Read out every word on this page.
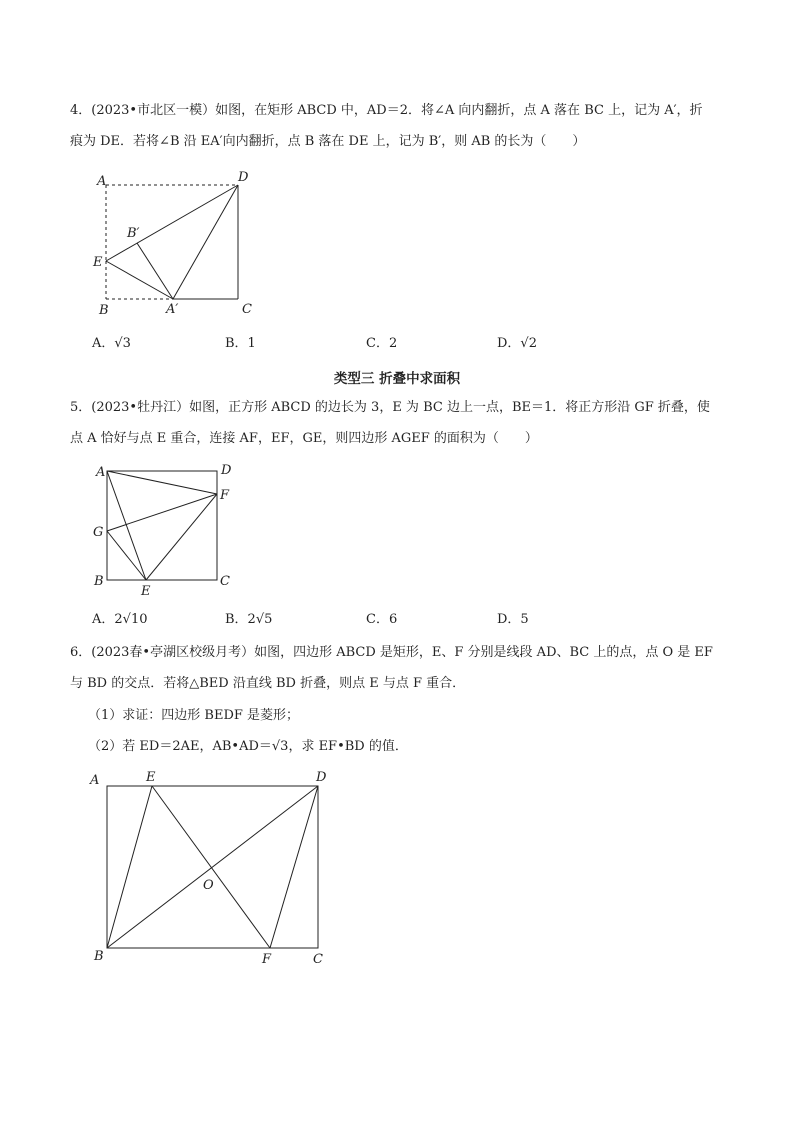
4．(2023•市北区一模）如图，在矩形 ABCD 中，AD＝2．将∠A 向内翻折，点 A 落在 BC 上，记为 A′，折
痕为 DE．若将∠B 沿 EA′向内翻折，点 B 落在 DE 上，记为 B′，则 AB 的长为（　　）
A	D
B′
E
B	A′	C
A	D
F
G
B
E
C
A	E	D
O
B	F	C
A．√3	B．1	C．2	D．√2
类型三 折叠中求面积
5．(2023•牡丹江）如图，正方形 ABCD 的边长为 3，E 为 BC 边上一点，BE＝1．将正方形沿 GF 折叠，使
点 A 恰好与点 E 重合，连接 AF，EF，GE，则四边形 AGEF 的面积为（　　）
A．2√10	B．2√5	C．6	D．5
6．(2023春•亭湖区校级月考）如图，四边形 ABCD 是矩形，E、F 分别是线段 AD、BC 上的点，点 O 是 EF
与 BD 的交点．若将△BED 沿直线 BD 折叠，则点 E 与点 F 重合．
（1）求证：四边形 BEDF 是菱形；
（2）若 ED＝2AE，AB•AD＝√3，求 EF•BD 的值．
